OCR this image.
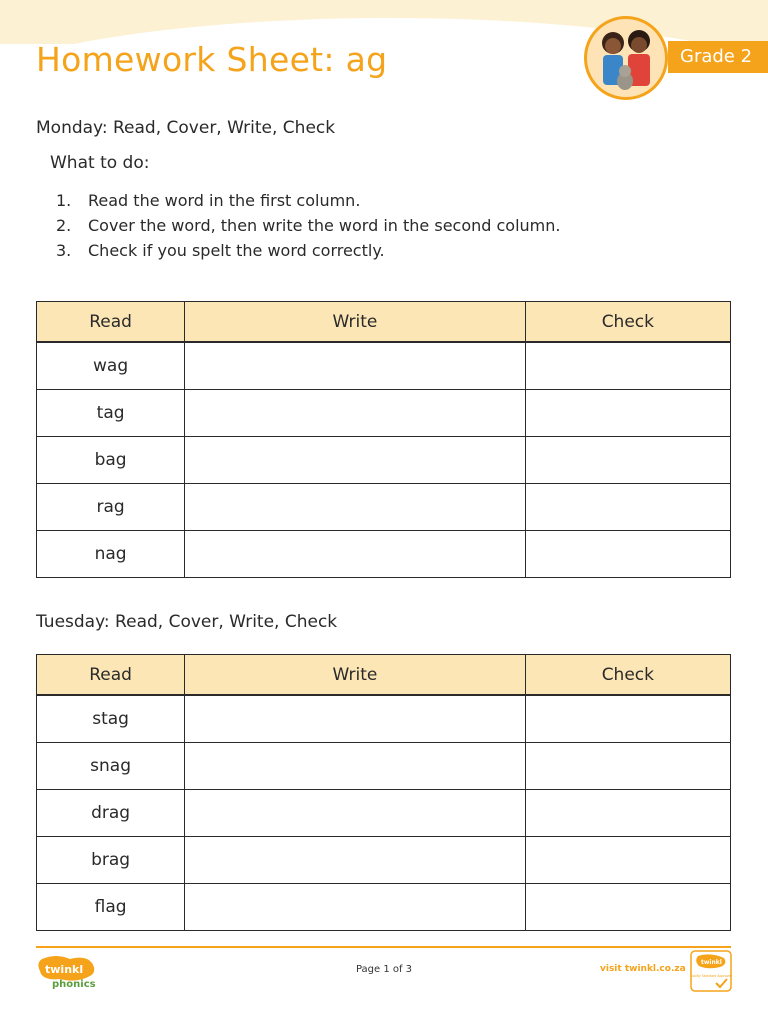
Homework Sheet: ag	Grade 2
Monday: Read, Cover, Write, Check
What to do:
1.	Read the word in the first column.
2.	Cover the word, then write the word in the second column.
3.	Check if you spelt the word correctly.
Read	Write	Check
wag		
tag		
bag		
rag		
nag		
Tuesday: Read, Cover, Write, Check
Read	Write	Check
stag		
snag		
drag		
brag		
flag		
twinkl
phonics
Page 1 of 3	visit twinkl.co.za
twinkl
Quality Standard Approved
